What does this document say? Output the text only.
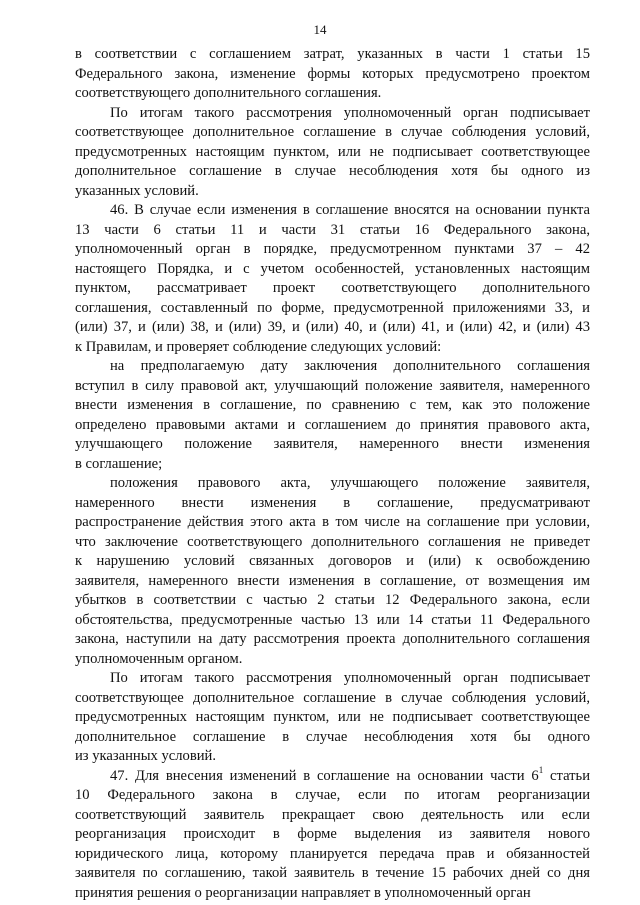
14
в соответствии с соглашением затрат, указанных в части 1 статьи 15
Федерального закона, изменение формы которых предусмотрено проектом
соответствующего дополнительного соглашения.
По итогам такого рассмотрения уполномоченный орган подписывает
соответствующее дополнительное соглашение в случае соблюдения условий,
предусмотренных настоящим пунктом, или не подписывает соответствующее
дополнительное соглашение в случае несоблюдения хотя бы одного из
указанных условий.
46. В случае если изменения в соглашение вносятся на основании пункта
13 части 6 статьи 11 и части 31 статьи 16 Федерального закона,
уполномоченный орган в порядке, предусмотренном пунктами 37 – 42
настоящего Порядка, и с учетом особенностей, установленных настоящим
пунктом, рассматривает проект соответствующего дополнительного
соглашения, составленный по форме, предусмотренной приложениями 33, и
(или) 37, и (или) 38, и (или) 39, и (или) 40, и (или) 41, и (или) 42, и (или) 43
к Правилам, и проверяет соблюдение следующих условий:
на предполагаемую дату заключения дополнительного соглашения
вступил в силу правовой акт, улучшающий положение заявителя, намеренного
внести изменения в соглашение, по сравнению с тем, как это положение
определено правовыми актами и соглашением до принятия правового акта,
улучшающего положение заявителя, намеренного внести изменения
в соглашение;
положения правового акта, улучшающего положение заявителя,
намеренного внести изменения в соглашение, предусматривают
распространение действия этого акта в том числе на соглашение при условии,
что заключение соответствующего дополнительного соглашения не приведет
к нарушению условий связанных договоров и (или) к освобождению
заявителя, намеренного внести изменения в соглашение, от возмещения им
убытков в соответствии с частью 2 статьи 12 Федерального закона, если
обстоятельства, предусмотренные частью 13 или 14 статьи 11 Федерального
закона, наступили на дату рассмотрения проекта дополнительного соглашения
уполномоченным органом.
По итогам такого рассмотрения уполномоченный орган подписывает
соответствующее дополнительное соглашение в случае соблюдения условий,
предусмотренных настоящим пунктом, или не подписывает соответствующее
дополнительное соглашение в случае несоблюдения хотя бы одного
из указанных условий.
47. Для внесения изменений в соглашение на основании части $6^1$ статьи
10 Федерального закона в случае, если по итогам реорганизации
соответствующий заявитель прекращает свою деятельность или если
реорганизация происходит в форме выделения из заявителя нового
юридического лица, которому планируется передача прав и обязанностей
заявителя по соглашению, такой заявитель в течение 15 рабочих дней со дня
принятия решения о реорганизации направляет в уполномоченный орган
